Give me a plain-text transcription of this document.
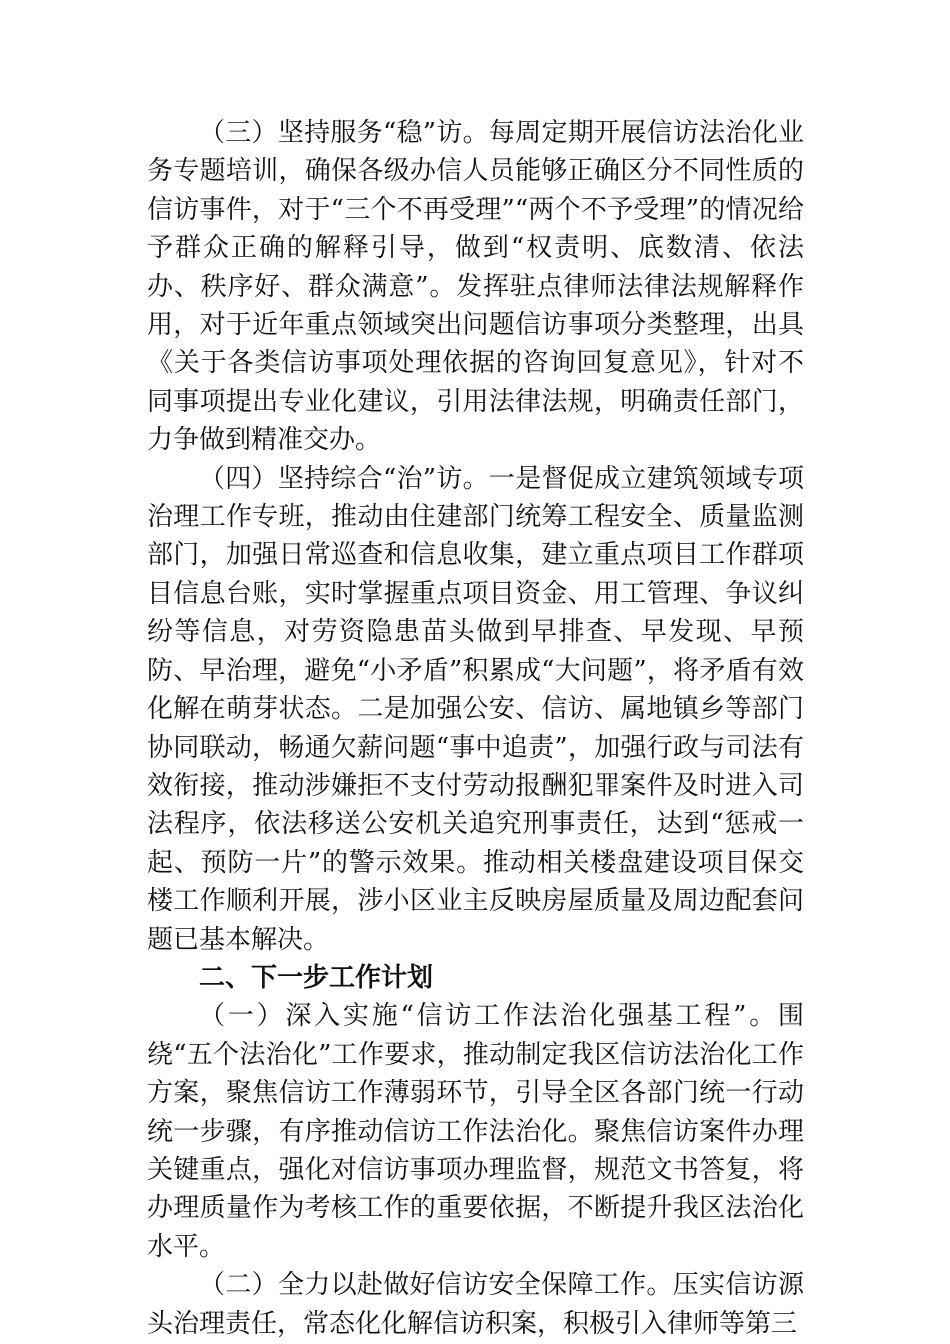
（三）坚持服务“稳”访。每周定期开展信访法治化业务专题培训，确保各级办信人员能够正确区分不同性质的信访事件，对于“三个不再受理”“两个不予受理”的情况给予群众正确的解释引导，做到“权责明、底数清、依法办、秩序好、群众满意”。发挥驻点律师法律法规解释作用，对于近年重点领域突出问题信访事项分类整理，出具《关于各类信访事项处理依据的咨询回复意见》，针对不同事项提出专业化建议，引用法律法规，明确责任部门，力争做到精准交办。

（四）坚持综合“治”访。一是督促成立建筑领域专项治理工作专班，推动由住建部门统筹工程安全、质量监测部门，加强日常巡查和信息收集，建立重点项目工作群项目信息台账，实时掌握重点项目资金、用工管理、争议纠纷等信息，对劳资隐患苗头做到早排查、早发现、早预防、早治理，避免“小矛盾”积累成“大问题”，将矛盾有效化解在萌芽状态。二是加强公安、信访、属地镇乡等部门协同联动，畅通欠薪问题“事中追责”，加强行政与司法有效衔接，推动涉嫌拒不支付劳动报酬犯罪案件及时进入司法程序，依法移送公安机关追究刑事责任，达到“惩戒一起、预防一片”的警示效果。推动相关楼盘建设项目保交楼工作顺利开展，涉小区业主反映房屋质量及周边配套问题已基本解决。

二、下一步工作计划

（一）深入实施“信访工作法治化强基工程”。围绕“五个法治化”工作要求，推动制定我区信访法治化工作方案，聚焦信访工作薄弱环节，引导全区各部门统一行动统一步骤，有序推动信访工作法治化。聚焦信访案件办理关键重点，强化对信访事项办理监督，规范文书答复，将办理质量作为考核工作的重要依据，不断提升我区法治化水平。

（二）全力以赴做好信访安全保障工作。压实信访源头治理责任，常态化化解信访积案，积极引入律师等第三
